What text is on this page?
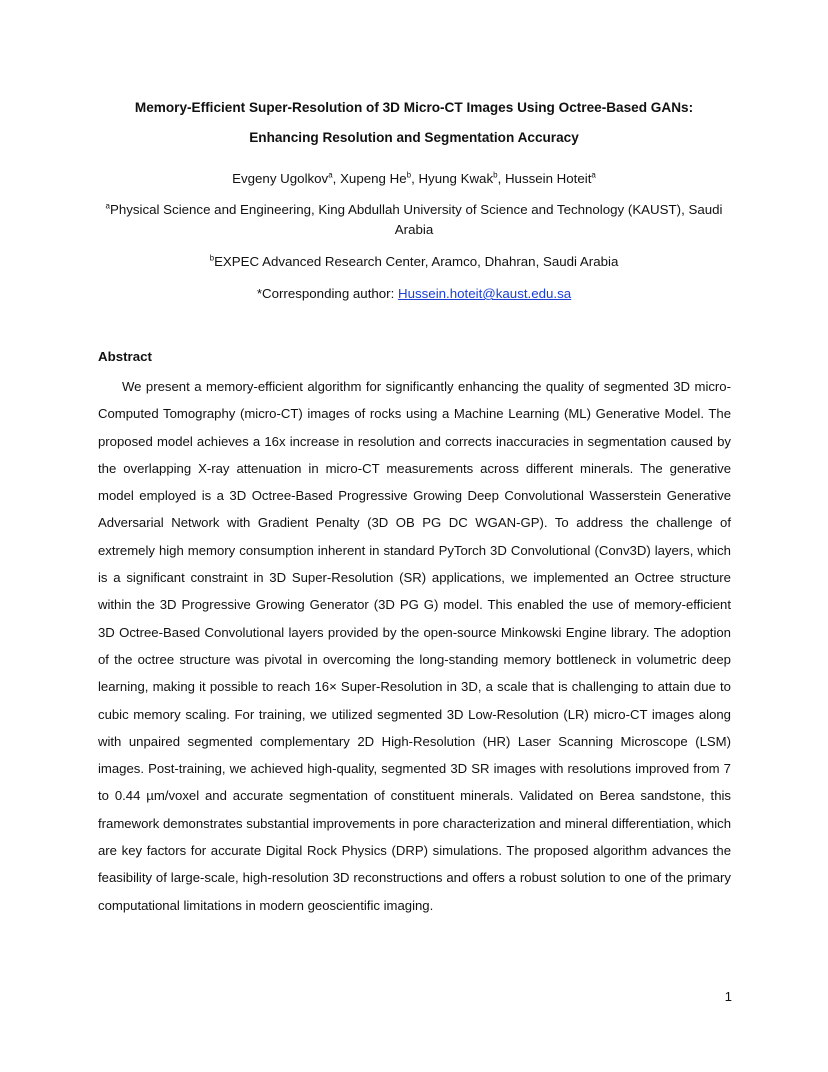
Memory-Efficient Super-Resolution of 3D Micro-CT Images Using Octree-Based GANs:
Enhancing Resolution and Segmentation Accuracy
Evgeny Ugolkov$^a$, Xupeng He$^b$, Hyung Kwak$^b$, Hussein Hoteit$^a$
$^a$Physical Science and Engineering, King Abdullah University of Science and Technology (KAUST), Saudi Arabia
$^b$EXPEC Advanced Research Center, Aramco, Dhahran, Saudi Arabia
*Corresponding author: Hussein.hoteit@kaust.edu.sa
Abstract

We present a memory-efficient algorithm for significantly enhancing the quality of segmented 3D micro-Computed Tomography (micro-CT) images of rocks using a Machine Learning (ML) Generative Model. The proposed model achieves a 16x increase in resolution and corrects inaccuracies in segmentation caused by the overlapping X-ray attenuation in micro-CT measurements across different minerals. The generative model employed is a 3D Octree-Based Progressive Growing Deep Convolutional Wasserstein Generative Adversarial Network with Gradient Penalty (3D OB PG DC WGAN-GP). To address the challenge of extremely high memory consumption inherent in standard PyTorch 3D Convolutional (Conv3D) layers, which is a significant constraint in 3D Super-Resolution (SR) applications, we implemented an Octree structure within the 3D Progressive Growing Generator (3D PG G) model. This enabled the use of memory-efficient 3D Octree-Based Convolutional layers provided by the open-source Minkowski Engine library. The adoption of the octree structure was pivotal in overcoming the long-standing memory bottleneck in volumetric deep learning, making it possible to reach 16× Super-Resolution in 3D, a scale that is challenging to attain due to cubic memory scaling. For training, we utilized segmented 3D Low-Resolution (LR) micro-CT images along with unpaired segmented complementary 2D High-Resolution (HR) Laser Scanning Microscope (LSM) images. Post-training, we achieved high-quality, segmented 3D SR images with resolutions improved from 7 to 0.44 µm/voxel and accurate segmentation of constituent minerals. Validated on Berea sandstone, this framework demonstrates substantial improvements in pore characterization and mineral differentiation, which are key factors for accurate Digital Rock Physics (DRP) simulations. The proposed algorithm advances the feasibility of large-scale, high-resolution 3D reconstructions and offers a robust solution to one of the primary computational limitations in modern geoscientific imaging.

1
